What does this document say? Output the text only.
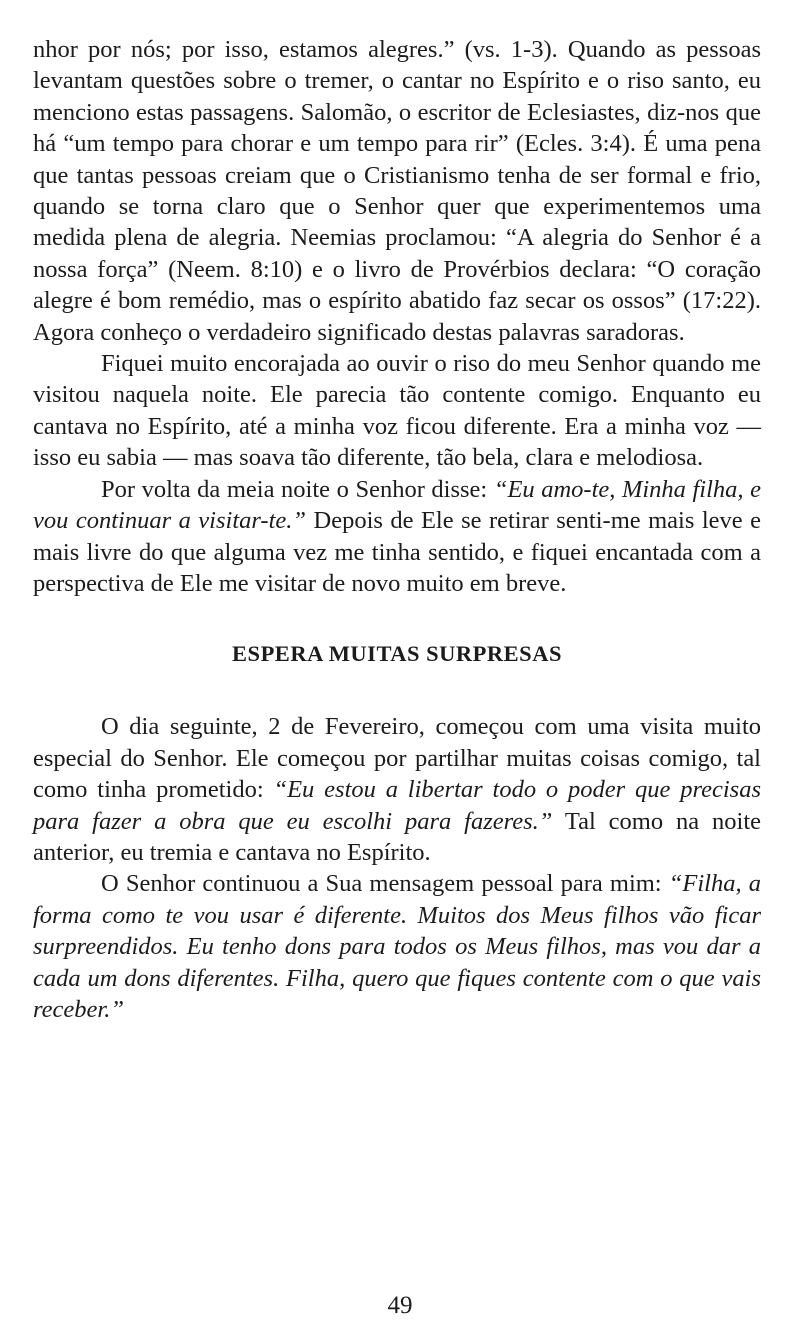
nhor por nós; por isso, estamos alegres.” (vs. 1-3). Quando as pessoas levantam questões sobre o tremer, o cantar no Espírito e o riso santo, eu menciono estas passagens. Salomão, o escritor de Eclesiastes, diz-nos que há “um tempo para chorar e um tempo para rir” (Ecles. 3:4). É uma pena que tantas pessoas creiam que o Cristianismo tenha de ser formal e frio, quando se torna claro que o Senhor quer que experimentemos uma medida plena de alegria. Neemias proclamou: “A alegria do Senhor é a nossa força” (Neem. 8:10) e o livro de Provérbios declara: “O coração alegre é bom remédio, mas o espírito abatido faz secar os ossos” (17:22). Agora conheço o verdadeiro significado destas palavras saradoras.

Fiquei muito encorajada ao ouvir o riso do meu Senhor quando me visitou naquela noite. Ele parecia tão contente comigo. Enquanto eu cantava no Espírito, até a minha voz ficou diferente. Era a minha voz — isso eu sabia — mas soava tão diferente, tão bela, clara e melodiosa.

Por volta da meia noite o Senhor disse: “Eu amo-te, Minha filha, e vou continuar a visitar-te.” Depois de Ele se retirar senti-me mais leve e mais livre do que alguma vez me tinha sentido, e fiquei encantada com a perspectiva de Ele me visitar de novo muito em breve.

ESPERA MUITAS SURPRESAS

O dia seguinte, 2 de Fevereiro, começou com uma visita muito especial do Senhor. Ele começou por partilhar muitas coisas comigo, tal como tinha prometido: “Eu estou a libertar todo o poder que precisas para fazer a obra que eu escolhi para fazeres.” Tal como na noite anterior, eu tremia e cantava no Espírito.

O Senhor continuou a Sua mensagem pessoal para mim: “Filha, a forma como te vou usar é diferente. Muitos dos Meus filhos vão ficar surpreendidos. Eu tenho dons para todos os Meus filhos, mas vou dar a cada um dons diferentes. Filha, quero que fiques contente com o que vais receber.”

49
